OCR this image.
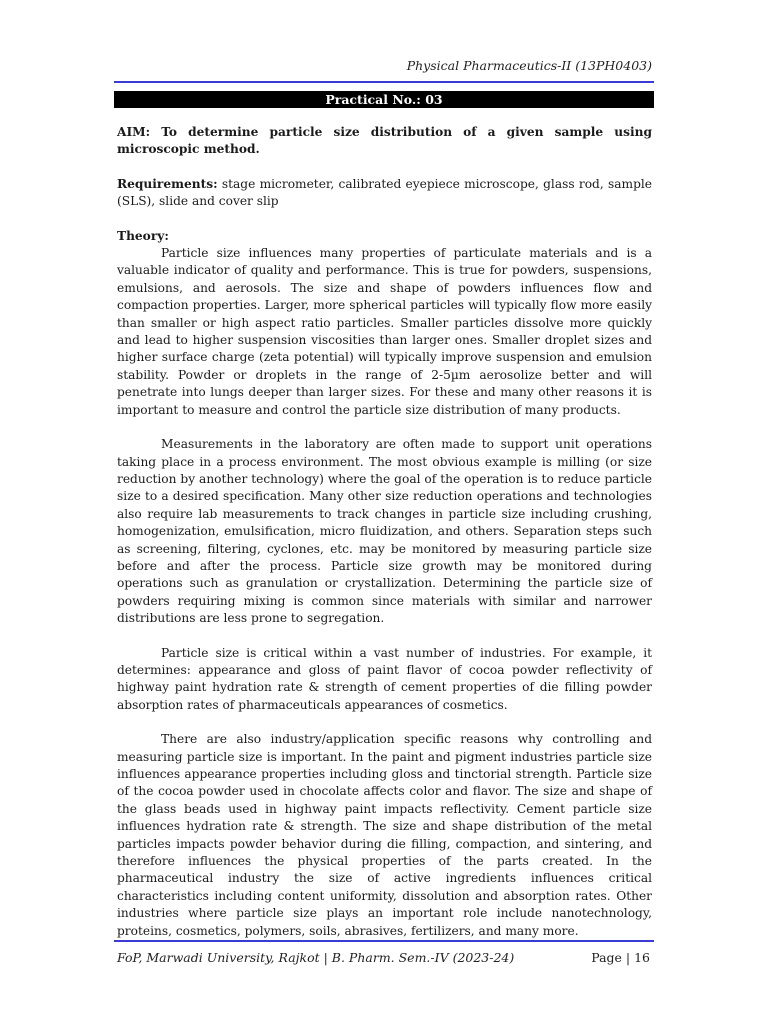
Physical Pharmaceutics-II (13PH0403)
Practical No.: 03

AIM: To determine particle size distribution of a given sample using microscopic method.

Requirements: stage micrometer, calibrated eyepiece microscope, glass rod, sample (SLS), slide and cover slip

Theory:

Particle size influences many properties of particulate materials and is a valuable indicator of quality and performance. This is true for powders, suspensions, emulsions, and aerosols. The size and shape of powders influences flow and compaction properties. Larger, more spherical particles will typically flow more easily than smaller or high aspect ratio particles. Smaller particles dissolve more quickly and lead to higher suspension viscosities than larger ones. Smaller droplet sizes and higher surface charge (zeta potential) will typically improve suspension and emulsion stability. Powder or droplets in the range of 2-5µm aerosolize better and will penetrate into lungs deeper than larger sizes. For these and many other reasons it is important to measure and control the particle size distribution of many products.

Measurements in the laboratory are often made to support unit operations taking place in a process environment. The most obvious example is milling (or size reduction by another technology) where the goal of the operation is to reduce particle size to a desired specification. Many other size reduction operations and technologies also require lab measurements to track changes in particle size including crushing, homogenization, emulsification, micro fluidization, and others. Separation steps such as screening, filtering, cyclones, etc. may be monitored by measuring particle size before and after the process. Particle size growth may be monitored during operations such as granulation or crystallization. Determining the particle size of powders requiring mixing is common since materials with similar and narrower distributions are less prone to segregation.

Particle size is critical within a vast number of industries. For example, it determines: appearance and gloss of paint flavor of cocoa powder reflectivity of highway paint hydration rate & strength of cement properties of die filling powder absorption rates of pharmaceuticals appearances of cosmetics.

There are also industry/application specific reasons why controlling and measuring particle size is important. In the paint and pigment industries particle size influences appearance properties including gloss and tinctorial strength. Particle size of the cocoa powder used in chocolate affects color and flavor. The size and shape of the glass beads used in highway paint impacts reflectivity. Cement particle size influences hydration rate & strength. The size and shape distribution of the metal particles impacts powder behavior during die filling, compaction, and sintering, and therefore influences the physical properties of the parts created. In the pharmaceutical industry the size of active ingredients influences critical characteristics including content uniformity, dissolution and absorption rates. Other industries where particle size plays an important role include nanotechnology, proteins, cosmetics, polymers, soils, abrasives, fertilizers, and many more.

FoP, Marwadi University, Rajkot | B. Pharm. Sem.-IV (2023-24)	Page | 16
